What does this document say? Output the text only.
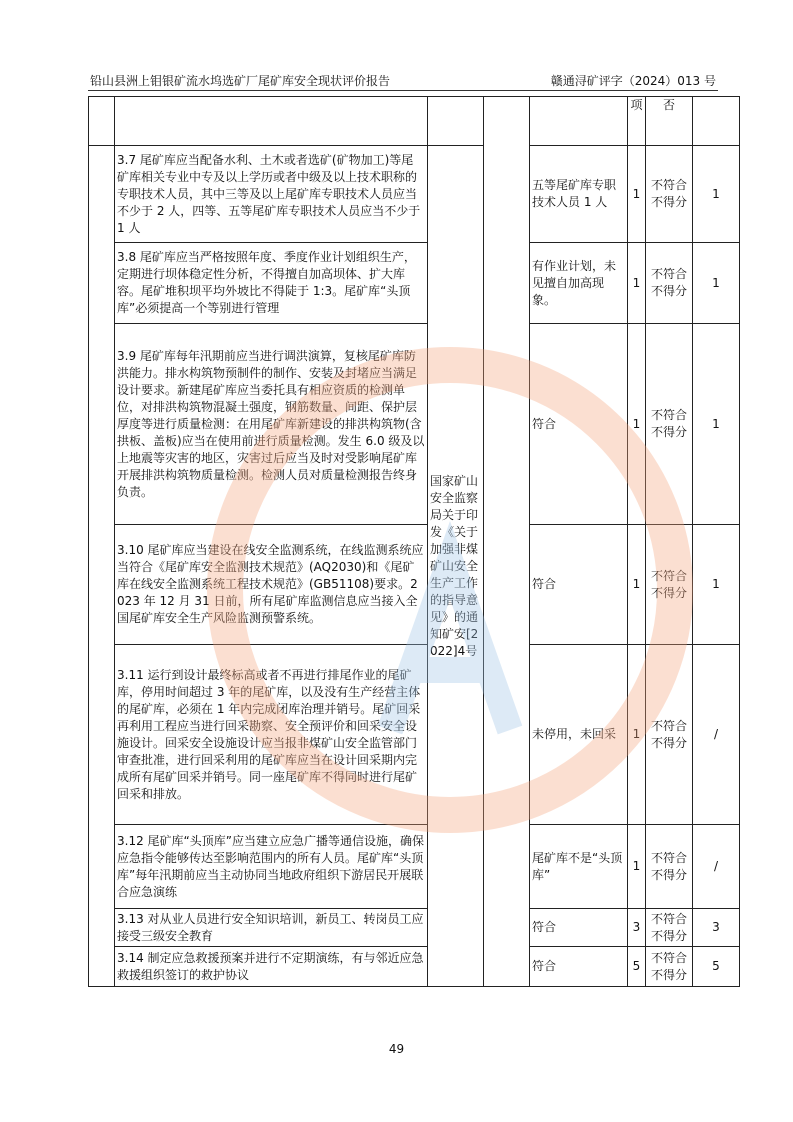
铅山县洲上钼银矿流水坞选矿厂尾矿库安全现状评价报告	赣通浔矿评字（2024）013 号
					项	否	
	3.7 尾矿库应当配备水利、土木或者选矿(矿物加工)等尾矿库相关专业中专及以上学历或者中级及以上技术职称的专职技术人员，其中三等及以上尾矿库专职技术人员应当不少于 2 人，四等、五等尾矿库专职技术人员应当不少于 1 人	国家矿山安全监察局关于印发《关于加强非煤矿山安全生产工作的指导意见》的通知矿安[2022]4号		五等尾矿库专职技术人员 1 人	1	不符合不得分	1
	3.8 尾矿库应当严格按照年度、季度作业计划组织生产，定期进行坝体稳定性分析，不得擅自加高坝体、扩大库容。尾矿堆积坝平均外坡比不得陡于 1:3。尾矿库“头顶库”必须提高一个等别进行管理			有作业计划，未见擅自加高现象。	1	不符合不得分	1
	3.9 尾矿库每年汛期前应当进行调洪演算，复核尾矿库防洪能力。排水构筑物预制件的制作、安装及封堵应当满足设计要求。新建尾矿库应当委托具有相应资质的检测单位，对排洪构筑物混凝土强度，钢筋数量、间距、保护层厚度等进行质量检测：在用尾矿库新建设的排洪构筑物(含拱板、盖板)应当在使用前进行质量检测。发生 6.0 级及以上地震等灾害的地区，灾害过后应当及时对受影响尾矿库开展排洪构筑物质量检测。检测人员对质量检测报告终身负责。			符合	1	不符合不得分	1
	3.10 尾矿库应当建设在线安全监测系统，在线监测系统应当符合《尾矿库安全监测技术规范》(AQ2030)和《尾矿库在线安全监测系统工程技术规范》(GB51108)要求。2023 年 12 月 31 日前，所有尾矿库监测信息应当接入全国尾矿库安全生产风险监测预警系统。			符合	1	不符合不得分	1
	3.11 运行到设计最终标高或者不再进行排尾作业的尾矿库，停用时间超过 3 年的尾矿库，以及没有生产经营主体的尾矿库，必须在 1 年内完成闭库治理并销号。尾矿回采再利用工程应当进行回采勘察、安全预评价和回采安全设施设计。回采安全设施设计应当报非煤矿山安全监管部门审查批准，进行回采利用的尾矿库应当在设计回采期内完成所有尾矿回采并销号。同一座尾矿库不得同时进行尾矿回采和排放。			未停用，未回采	1	不符合不得分	/
	3.12 尾矿库“头顶库”应当建立应急广播等通信设施，确保应急指令能够传达至影响范围内的所有人员。尾矿库“头顶库”每年汛期前应当主动协同当地政府组织下游居民开展联合应急演练			尾矿库不是“头顶库”	1	不符合不得分	/
	3.13 对从业人员进行安全知识培训，新员工、转岗员工应接受三级安全教育			符合	3	不符合不得分	3
	3.14 制定应急救援预案并进行不定期演练，有与邻近应急救援组织签订的救护协议			符合	5	不符合不得分	5
49
